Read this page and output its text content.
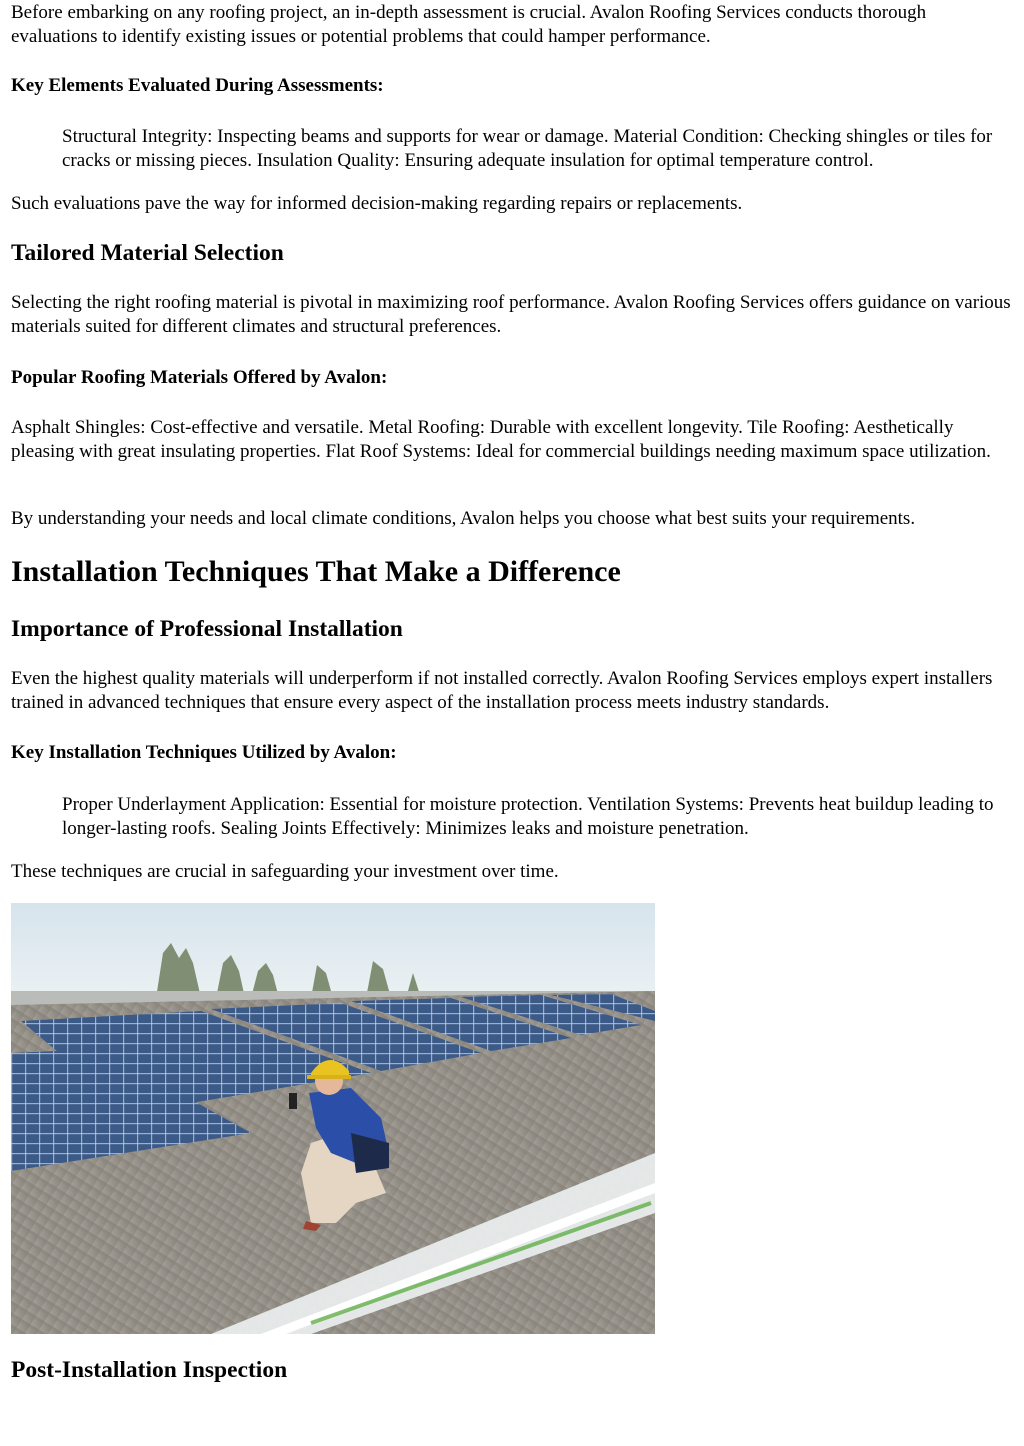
Before embarking on any roofing project, an in-depth assessment is crucial. Avalon Roofing Services conducts thorough evaluations to identify existing issues or potential problems that could hamper performance.

Key Elements Evaluated During Assessments:

Structural Integrity: Inspecting beams and supports for wear or damage. Material Condition: Checking shingles or tiles for cracks or missing pieces. Insulation Quality: Ensuring adequate insulation for optimal temperature control.

Such evaluations pave the way for informed decision-making regarding repairs or replacements.

Tailored Material Selection

Selecting the right roofing material is pivotal in maximizing roof performance. Avalon Roofing Services offers guidance on various materials suited for different climates and structural preferences.

Popular Roofing Materials Offered by Avalon:

Asphalt Shingles: Cost-effective and versatile. Metal Roofing: Durable with excellent longevity. Tile Roofing: Aesthetically pleasing with great insulating properties. Flat Roof Systems: Ideal for commercial buildings needing maximum space utilization.

By understanding your needs and local climate conditions, Avalon helps you choose what best suits your requirements.

Installation Techniques That Make a Difference
Importance of Professional Installation

Even the highest quality materials will underperform if not installed correctly. Avalon Roofing Services employs expert installers trained in advanced techniques that ensure every aspect of the installation process meets industry standards.

Key Installation Techniques Utilized by Avalon:

Proper Underlayment Application: Essential for moisture protection. Ventilation Systems: Prevents heat buildup leading to longer-lasting roofs. Sealing Joints Effectively: Minimizes leaks and moisture penetration.

These techniques are crucial in safeguarding your investment over time.

Post-Installation Inspection
